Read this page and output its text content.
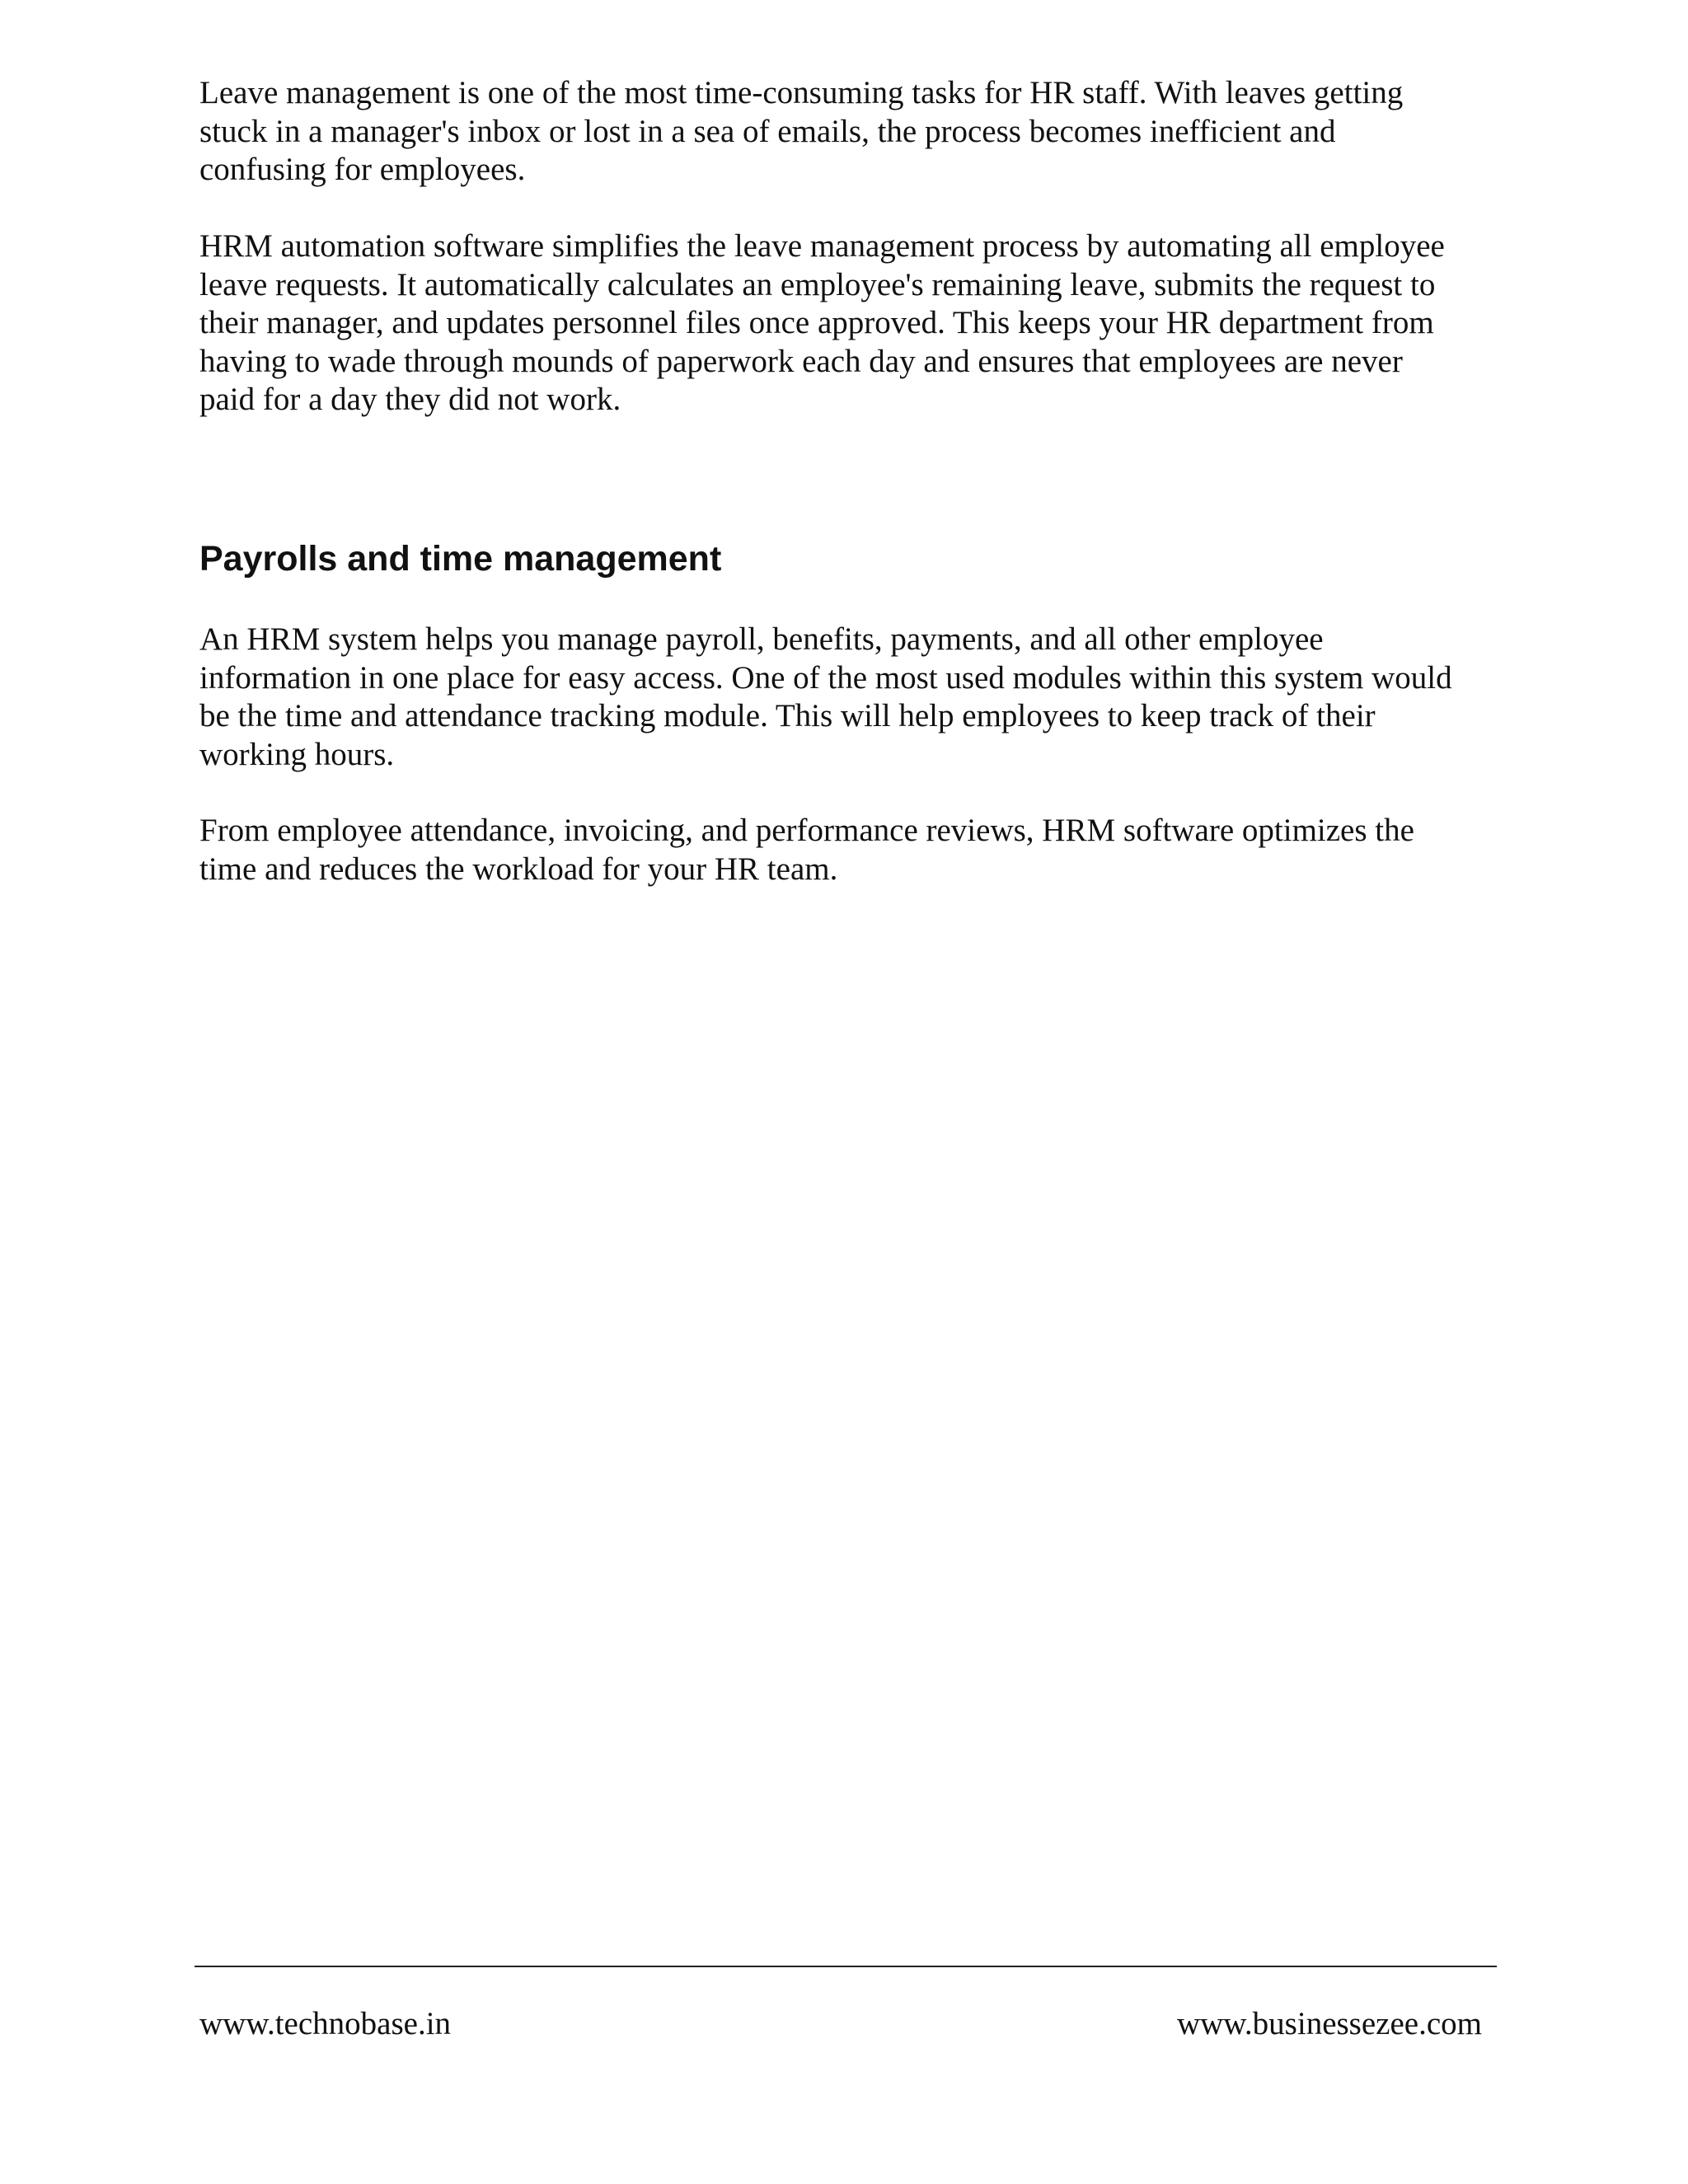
Leave management is one of the most time-consuming tasks for HR staff. With leaves getting
stuck in a manager's inbox or lost in a sea of emails, the process becomes inefficient and
confusing for employees.

HRM automation software simplifies the leave management process by automating all employee
leave requests. It automatically calculates an employee's remaining leave, submits the request to
their manager, and updates personnel files once approved. This keeps your HR department from
having to wade through mounds of paperwork each day and ensures that employees are never
paid for a day they did not work.

Payrolls and time management

An HRM system helps you manage payroll, benefits, payments, and all other employee
information in one place for easy access. One of the most used modules within this system would
be the time and attendance tracking module. This will help employees to keep track of their
working hours.

From employee attendance, invoicing, and performance reviews, HRM software optimizes the
time and reduces the workload for your HR team.

www.technobase.in	www.businessezee.com
